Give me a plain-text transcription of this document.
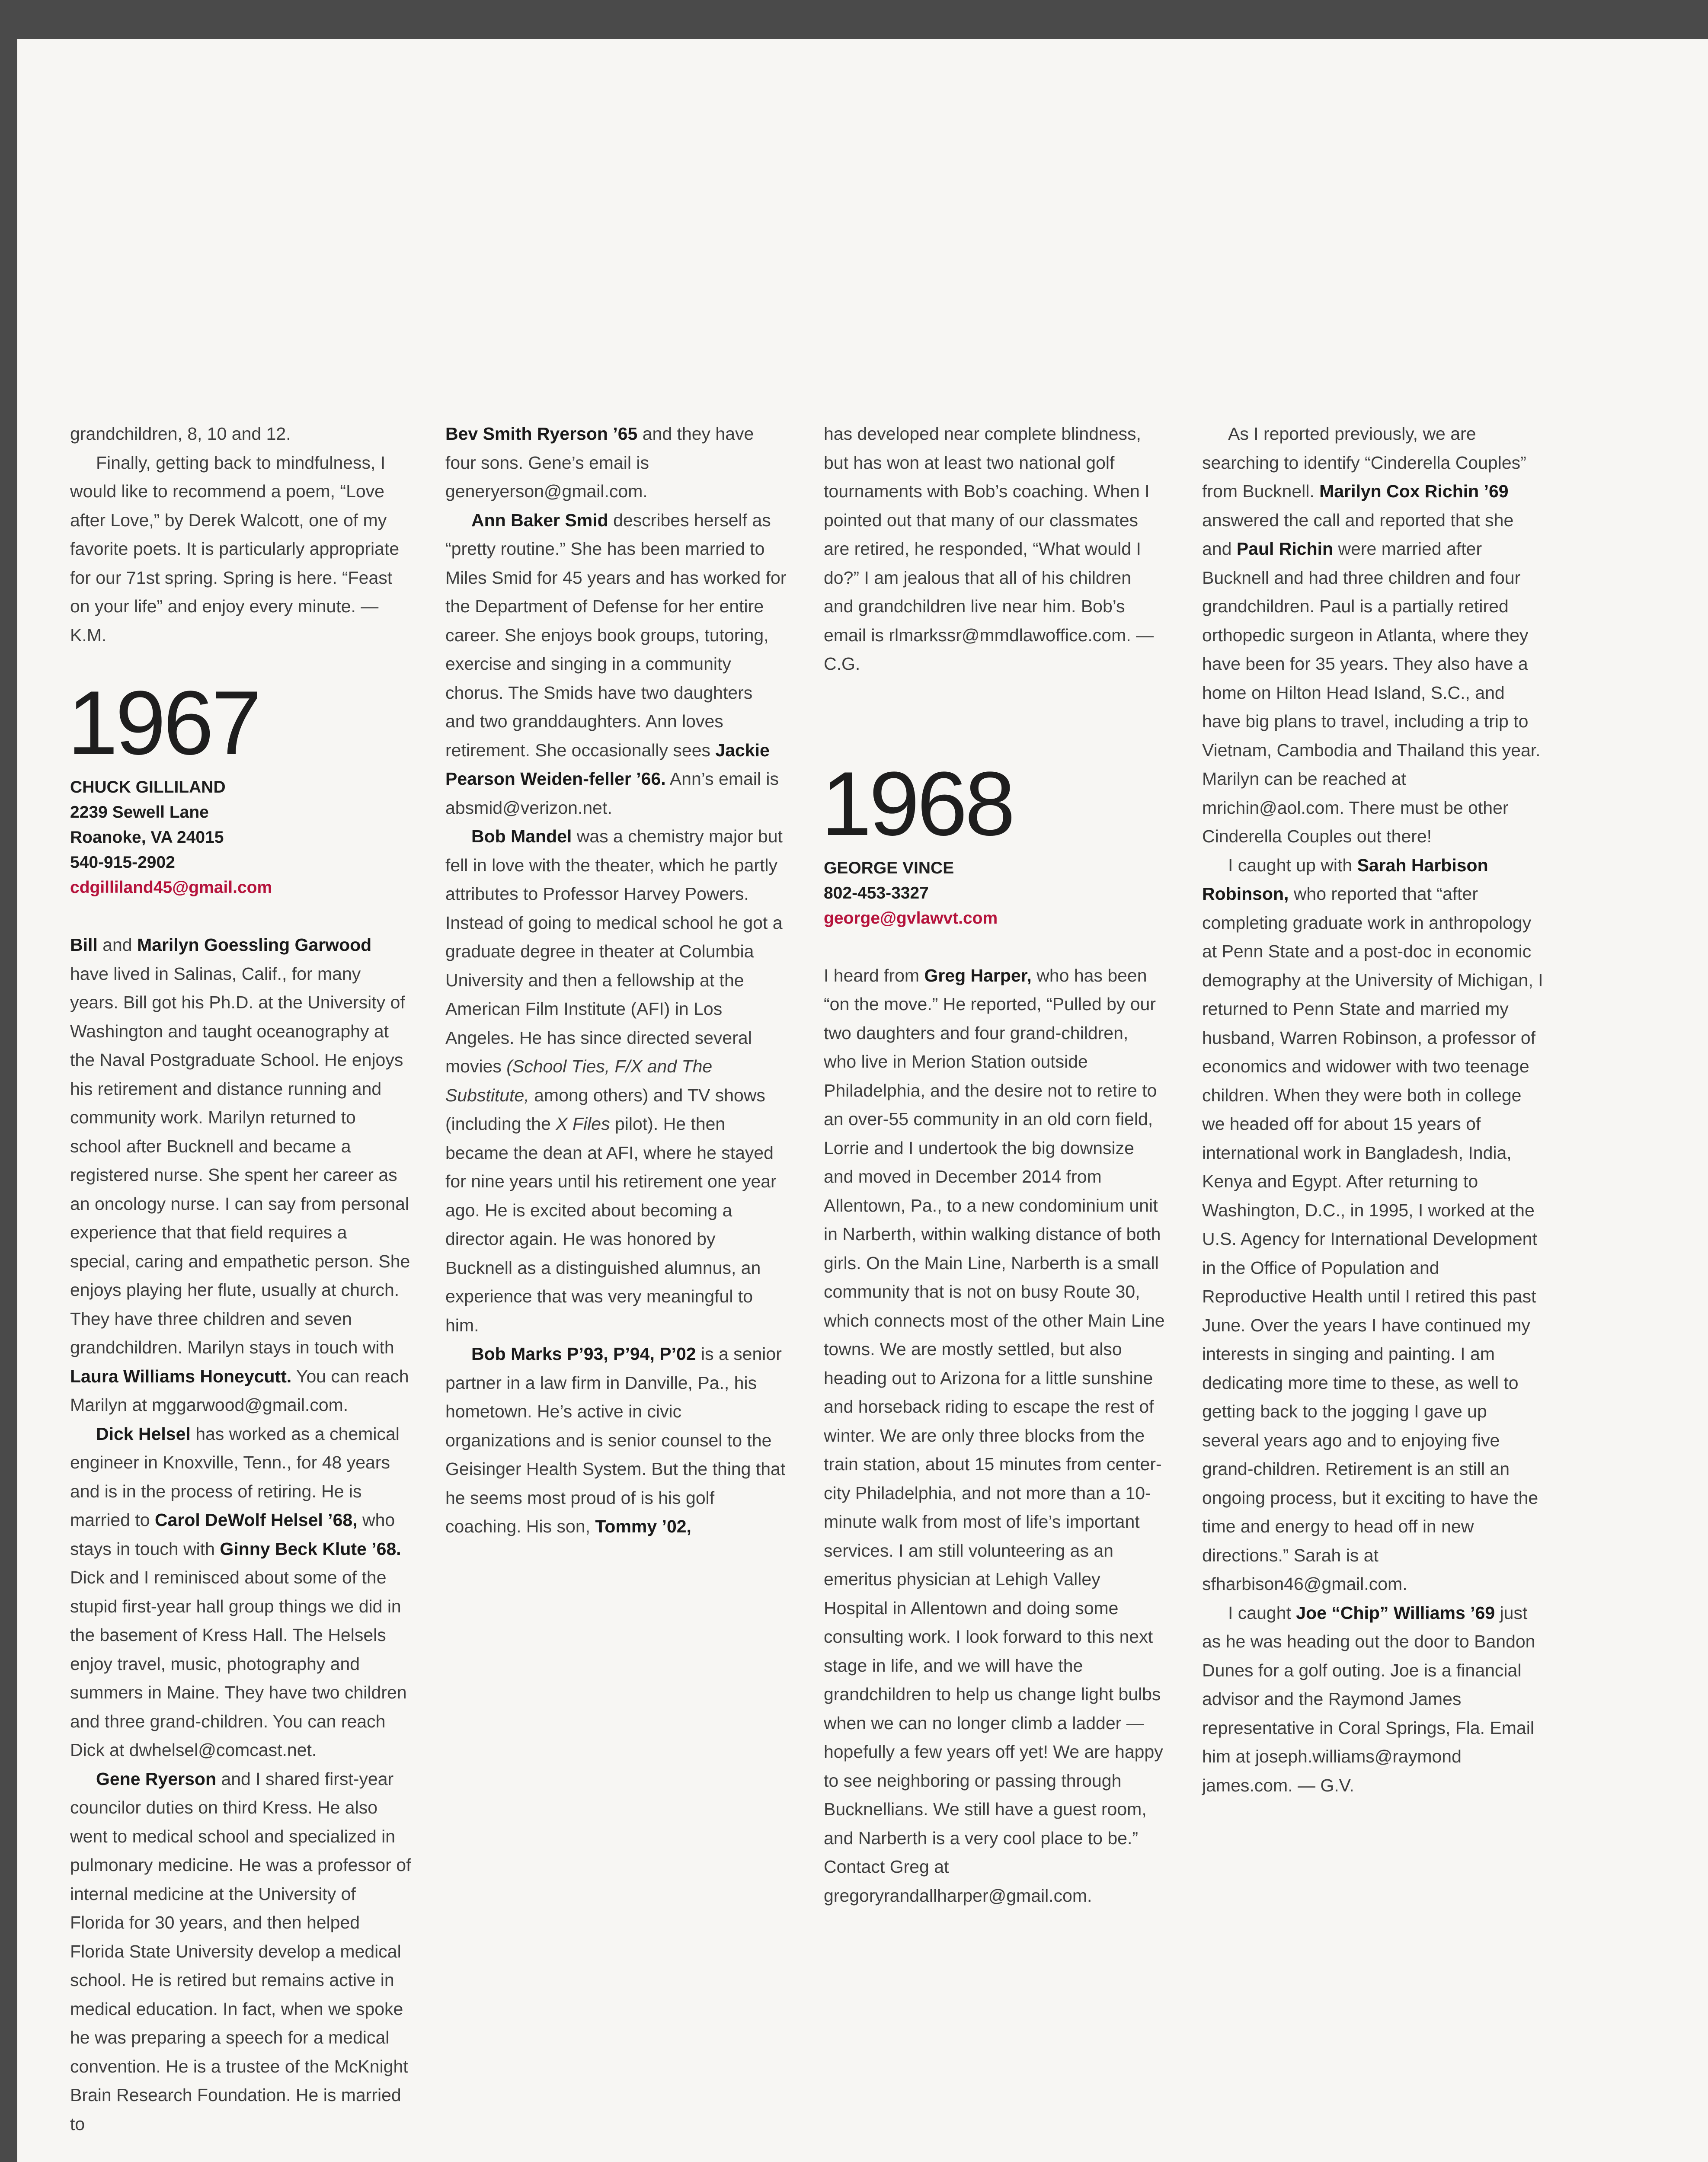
grandchildren, 8, 10 and 12.

Finally, getting back to mindfulness, I would like to recommend a poem, “Love after Love,” by Derek Walcott, one of my favorite poets. It is particularly appropriate for our 71st spring. Spring is here. “Feast on your life” and enjoy every minute. — K.M.

1967
CHUCK GILLILAND
2239 Sewell Lane
Roanoke, VA 24015
540-915-2902
cdgilliland45@gmail.com

Bill and Marilyn Goessling Garwood have lived in Salinas, Calif., for many years. Bill got his Ph.D. at the University of Washington and taught oceanography at the Naval Postgraduate School. He enjoys his retirement and distance running and community work. Marilyn returned to school after Bucknell and became a registered nurse. She spent her career as an oncology nurse. I can say from personal experience that that field requires a special, caring and empathetic person. She enjoys playing her flute, usually at church. They have three children and seven grandchildren. Marilyn stays in touch with Laura Williams Honeycutt. You can reach Marilyn at mggarwood@gmail.com.

Dick Helsel has worked as a chemical engineer in Knoxville, Tenn., for 48 years and is in the process of retiring. He is married to Carol DeWolf Helsel ’68, who stays in touch with Ginny Beck Klute ’68. Dick and I reminisced about some of the stupid first-year hall group things we did in the basement of Kress Hall. The Helsels enjoy travel, music, photography and summers in Maine. They have two children and three grand-children. You can reach Dick at dwhelsel@comcast.net.

Gene Ryerson and I shared first-year councilor duties on third Kress. He also went to medical school and specialized in pulmonary medicine. He was a professor of internal medicine at the University of Florida for 30 years, and then helped Florida State University develop a medical school. He is retired but remains active in medical education. In fact, when we spoke he was preparing a speech for a medical convention. He is a trustee of the McKnight Brain Research Foundation. He is married to

Bev Smith Ryerson ’65 and they have four sons. Gene’s email is generyerson@gmail.com.

Ann Baker Smid describes herself as “pretty routine.” She has been married to Miles Smid for 45 years and has worked for the Department of Defense for her entire career. She enjoys book groups, tutoring, exercise and singing in a community chorus. The Smids have two daughters and two granddaughters. Ann loves retirement. She occasionally sees Jackie Pearson Weiden-feller ’66. Ann’s email is absmid@verizon.net.

Bob Mandel was a chemistry major but fell in love with the theater, which he partly attributes to Professor Harvey Powers. Instead of going to medical school he got a graduate degree in theater at Columbia University and then a fellowship at the American Film Institute (AFI) in Los Angeles. He has since directed several movies (School Ties, F/X and The Substitute, among others) and TV shows (including the X Files pilot). He then became the dean at AFI, where he stayed for nine years until his retirement one year ago. He is excited about becoming a director again. He was honored by Bucknell as a distinguished alumnus, an experience that was very meaningful to him.

Bob Marks P’93, P’94, P’02 is a senior partner in a law firm in Danville, Pa., his hometown. He’s active in civic organizations and is senior counsel to the Geisinger Health System. But the thing that he seems most proud of is his golf coaching. His son, Tommy ’02,

has developed near complete blindness, but has won at least two national golf tournaments with Bob’s coaching. When I pointed out that many of our classmates are retired, he responded, “What would I do?” I am jealous that all of his children and grandchildren live near him. Bob’s email is rlmarkssr@mmdlawoffice.com. — C.G.

1968
GEORGE VINCE
802-453-3327
george@gvlawvt.com

I heard from Greg Harper, who has been “on the move.” He reported, “Pulled by our two daughters and four grand-children, who live in Merion Station outside Philadelphia, and the desire not to retire to an over-55 community in an old corn field, Lorrie and I undertook the big downsize and moved in December 2014 from Allentown, Pa., to a new condominium unit in Narberth, within walking distance of both girls. On the Main Line, Narberth is a small community that is not on busy Route 30, which connects most of the other Main Line towns. We are mostly settled, but also heading out to Arizona for a little sunshine and horseback riding to escape the rest of winter. We are only three blocks from the train station, about 15 minutes from center-city Philadelphia, and not more than a 10-minute walk from most of life’s important services. I am still volunteering as an emeritus physician at Lehigh Valley Hospital in Allentown and doing some consulting work. I look forward to this next stage in life, and we will have the grandchildren to help us change light bulbs when we can no longer climb a ladder — hopefully a few years off yet! We are happy to see neighboring or passing through Bucknellians. We still have a guest room, and Narberth is a very cool place to be.” Contact Greg at gregoryrandallharper@gmail.com.

As I reported previously, we are searching to identify “Cinderella Couples” from Bucknell. Marilyn Cox Richin ’69 answered the call and reported that she and Paul Richin were married after Bucknell and had three children and four grandchildren. Paul is a partially retired orthopedic surgeon in Atlanta, where they have been for 35 years. They also have a home on Hilton Head Island, S.C., and have big plans to travel, including a trip to Vietnam, Cambodia and Thailand this year. Marilyn can be reached at mrichin@aol.com. There must be other Cinderella Couples out there!

I caught up with Sarah Harbison Robinson, who reported that “after completing graduate work in anthropology at Penn State and a post-doc in economic demography at the University of Michigan, I returned to Penn State and married my husband, Warren Robinson, a professor of economics and widower with two teenage children. When they were both in college we headed off for about 15 years of international work in Bangladesh, India, Kenya and Egypt. After returning to Washington, D.C., in 1995, I worked at the U.S. Agency for International Development in the Office of Population and Reproductive Health until I retired this past June. Over the years I have continued my interests in singing and painting. I am dedicating more time to these, as well to getting back to the jogging I gave up several years ago and to enjoying five grand-children. Retirement is an still an ongoing process, but it exciting to have the time and energy to head off in new directions.” Sarah is at sfharbison46@gmail.com.

I caught Joe “Chip” Williams ’69 just as he was heading out the door to Bandon Dunes for a golf outing. Joe is a financial advisor and the Raymond James representative in Coral Springs, Fla. Email him at joseph.williams@raymond james.com. — G.V.
